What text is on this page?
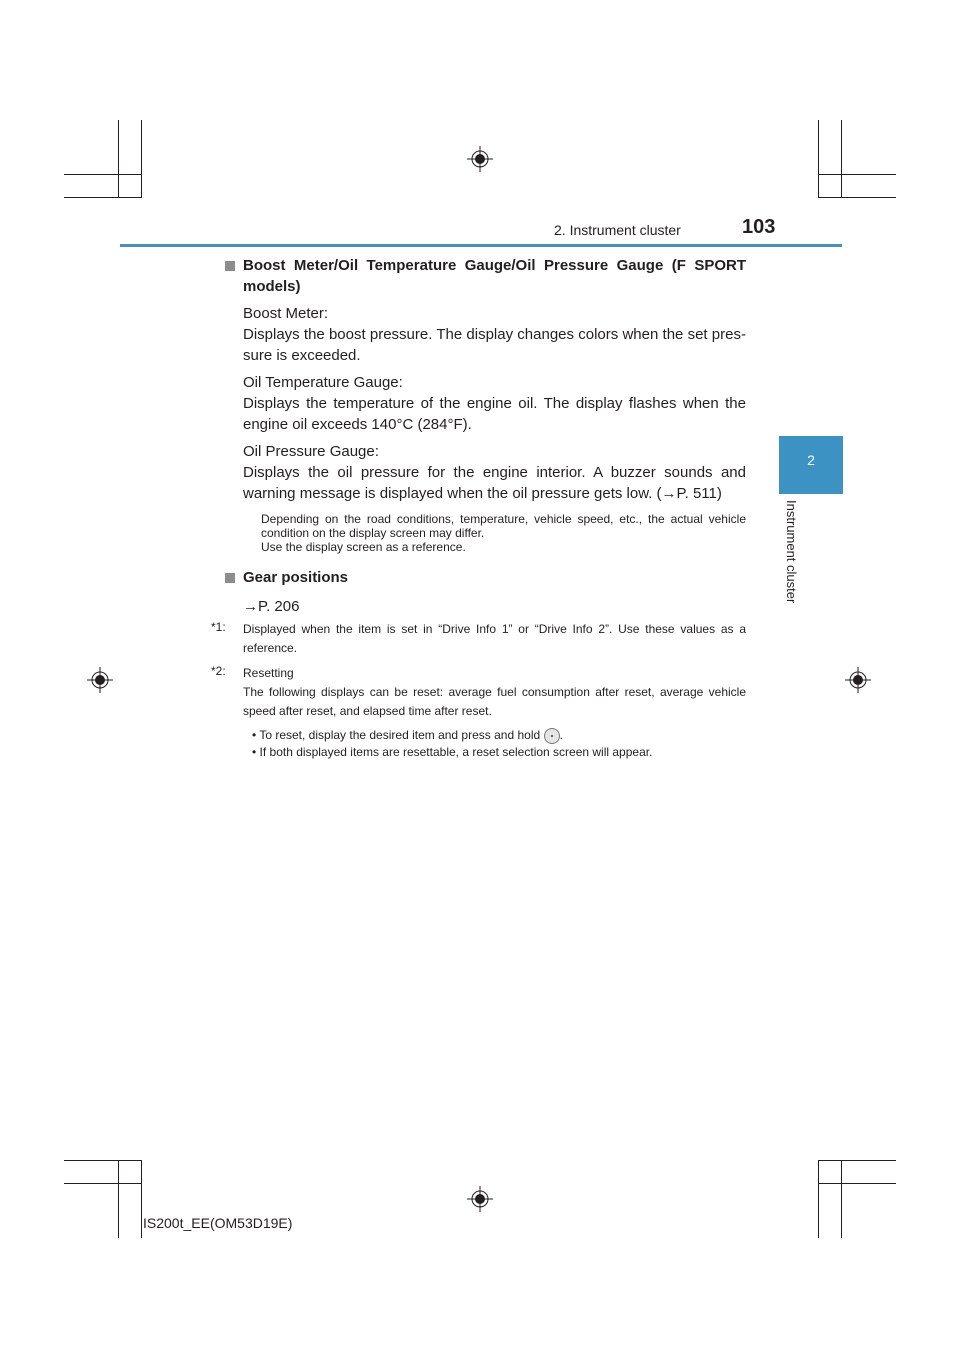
2. Instrument cluster	103
2
Instrument cluster
Boost Meter/Oil Temperature Gauge/Oil Pressure Gauge (F SPORT models)
Boost Meter:
Displays the boost pressure. The display changes colors when the set pres-sure is exceeded.
Oil Temperature Gauge:
Displays the temperature of the engine oil. The display flashes when the engine oil exceeds 140°C (284°F).
Oil Pressure Gauge:
Displays the oil pressure for the engine interior. A buzzer sounds and warning message is displayed when the oil pressure gets low. (→P. 511)
Depending on the road conditions, temperature, vehicle speed, etc., the actual vehicle condition on the display screen may differ.
Use the display screen as a reference.
Gear positions
→P. 206
*1: Displayed when the item is set in “Drive Info 1” or “Drive Info 2”. Use these values as a reference.
*2: Resetting
The following displays can be reset: average fuel consumption after reset, average vehicle speed after reset, and elapsed time after reset.
• To reset, display the desired item and press and hold .
• If both displayed items are resettable, a reset selection screen will appear.
IS200t_EE(OM53D19E)
